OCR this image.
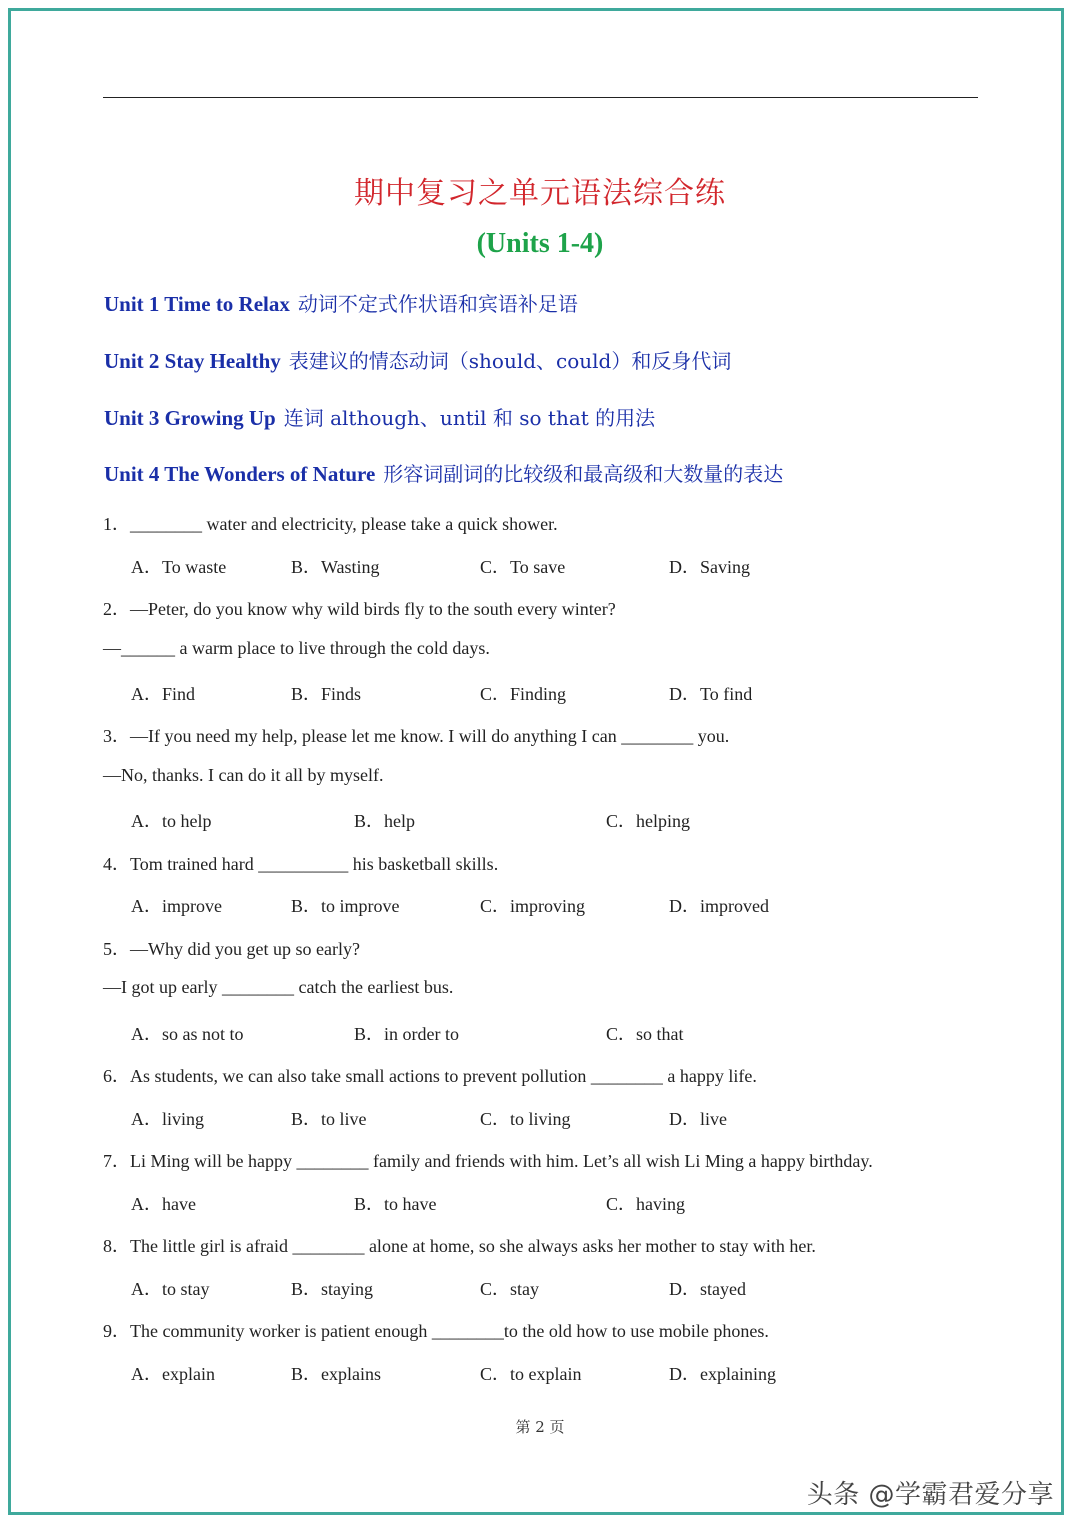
期中复习之单元语法综合练
(Units 1-4)
Unit 1 Time to Relax 动词不定式作状语和宾语补足语
Unit 2 Stay Healthy 表建议的情态动词（should、could）和反身代词
Unit 3 Growing Up 连词 although、until 和 so that 的用法
Unit 4 The Wonders of Nature 形容词副词的比较级和最高级和大数量的表达
1．________ water and electricity, please take a quick shower.
A．To waste	B．Wasting	C．To save	D．Saving
2．—Peter, do you know why wild birds fly to the south every winter?
—______ a warm place to live through the cold days.
A．Find	B．Finds	C．Finding	D．To find
3．—If you need my help, please let me know. I will do anything I can ________ you.
—No, thanks. I can do it all by myself.
A．to help	B．help	C．helping
4．Tom trained hard __________ his basketball skills.
A．improve	B．to improve	C．improving	D．improved
5．—Why did you get up so early?
—I got up early ________ catch the earliest bus.
A．so as not to	B．in order to	C．so that
6．As students, we can also take small actions to prevent pollution ________ a happy life.
A．living	B．to live	C．to living	D．live
7．Li Ming will be happy ________ family and friends with him. Let’s all wish Li Ming a happy birthday.
A．have	B．to have	C．having
8．The little girl is afraid ________ alone at home, so she always asks her mother to stay with her.
A．to stay	B．staying	C．stay	D．stayed
9．The community worker is patient enough ________to the old how to use mobile phones.
A．explain	B．explains	C．to explain	D．explaining
第 2 页
头条 @学霸君爱分享
